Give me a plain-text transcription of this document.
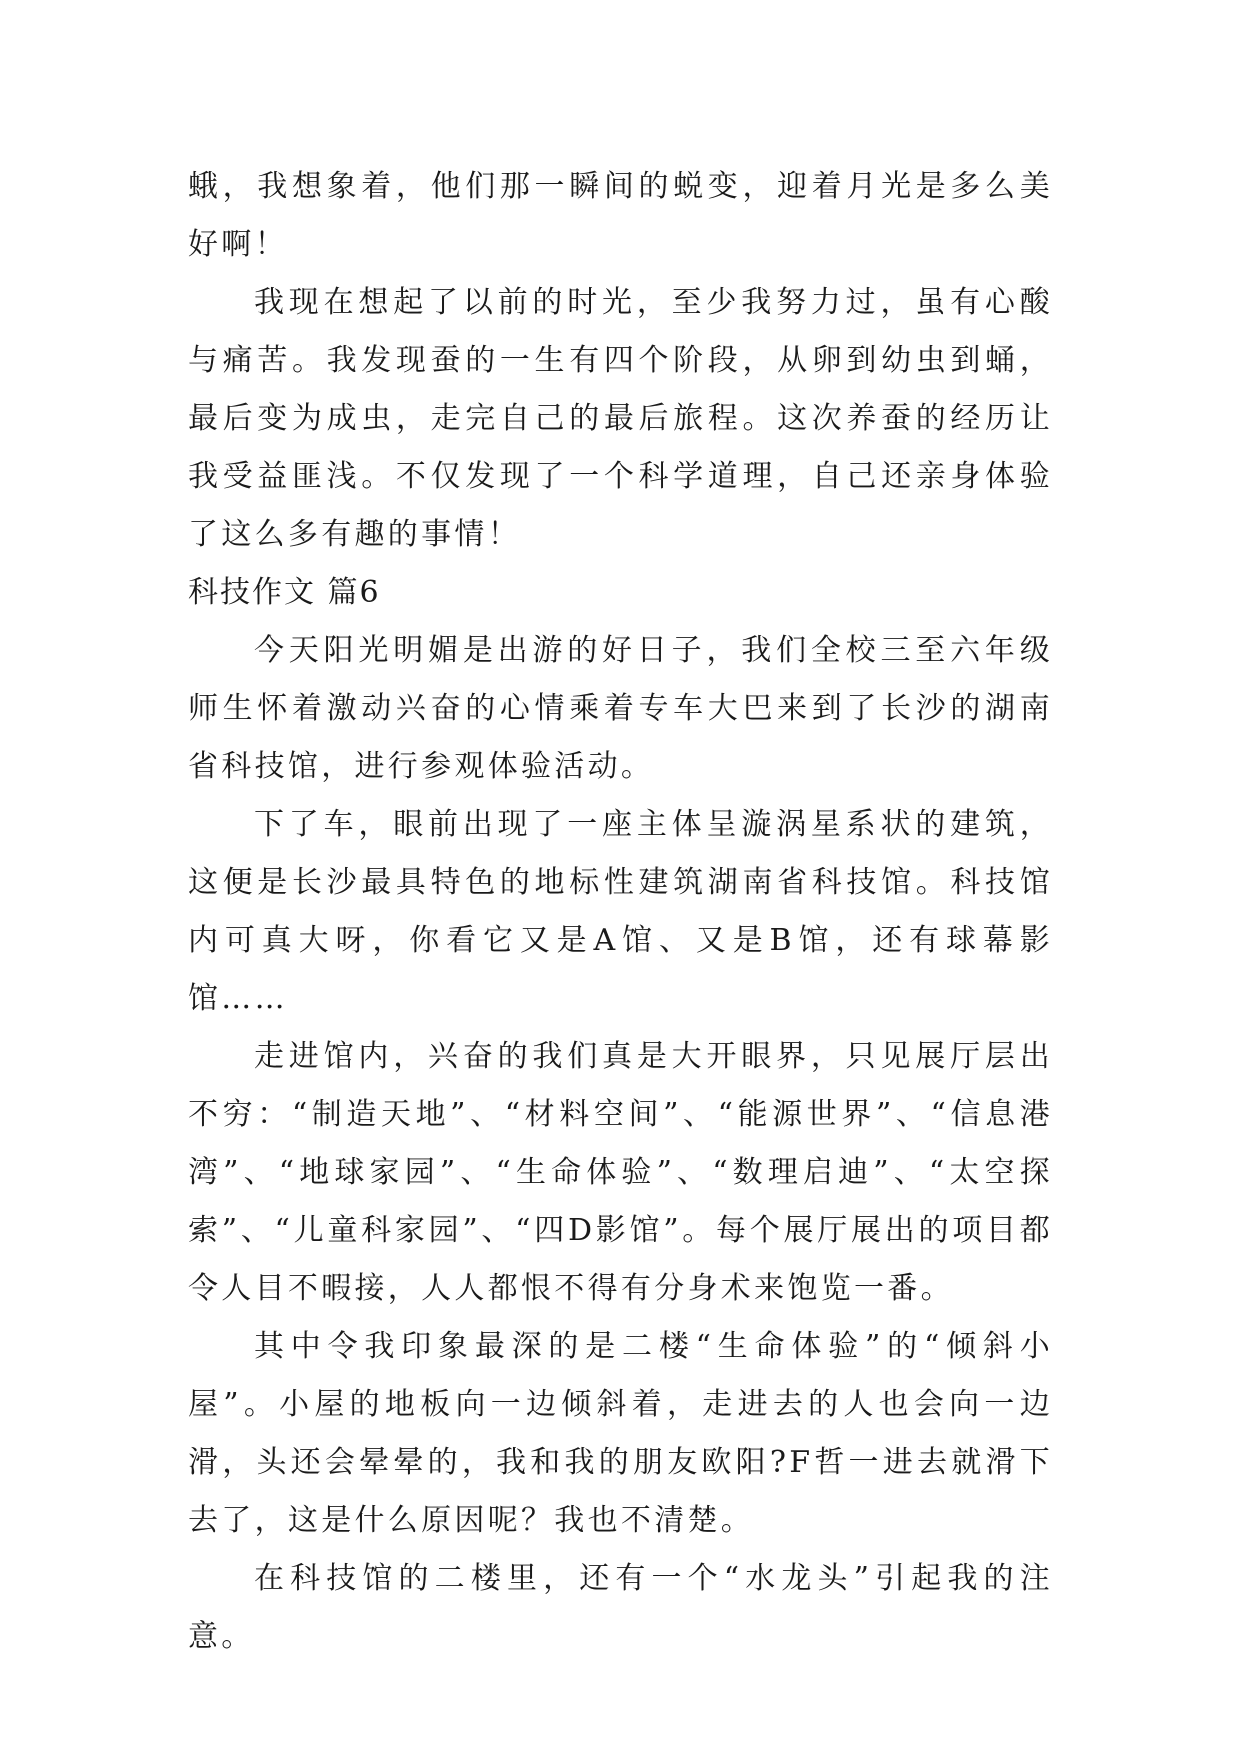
蛾，我想象着，他们那一瞬间的蜕变，迎着月光是多么美好啊！

我现在想起了以前的时光，至少我努力过，虽有心酸与痛苦。我发现蚕的一生有四个阶段，从卵到幼虫到蛹，最后变为成虫，走完自己的最后旅程。这次养蚕的经历让我受益匪浅。不仅发现了一个科学道理，自己还亲身体验了这么多有趣的事情！

科技作文 篇6

今天阳光明媚是出游的好日子，我们全校三至六年级师生怀着激动兴奋的心情乘着专车大巴来到了长沙的湖南省科技馆，进行参观体验活动。

下了车，眼前出现了一座主体呈漩涡星系状的建筑，这便是长沙最具特色的地标性建筑湖南省科技馆。科技馆内可真大呀，你看它又是A馆、又是B馆，还有球幕影馆……

走进馆内，兴奋的我们真是大开眼界，只见展厅层出不穷：“制造天地”、“材料空间”、“能源世界”、“信息港湾”、“地球家园”、“生命体验”、“数理启迪”、“太空探索”、“儿童科家园”、“四D影馆”。每个展厅展出的项目都令人目不暇接，人人都恨不得有分身术来饱览一番。

其中令我印象最深的是二楼“生命体验”的“倾斜小屋”。小屋的地板向一边倾斜着，走进去的人也会向一边滑，头还会晕晕的，我和我的朋友欧阳?F哲一进去就滑下去了，这是什么原因呢？我也不清楚。

在科技馆的二楼里，还有一个“水龙头”引起我的注意。
